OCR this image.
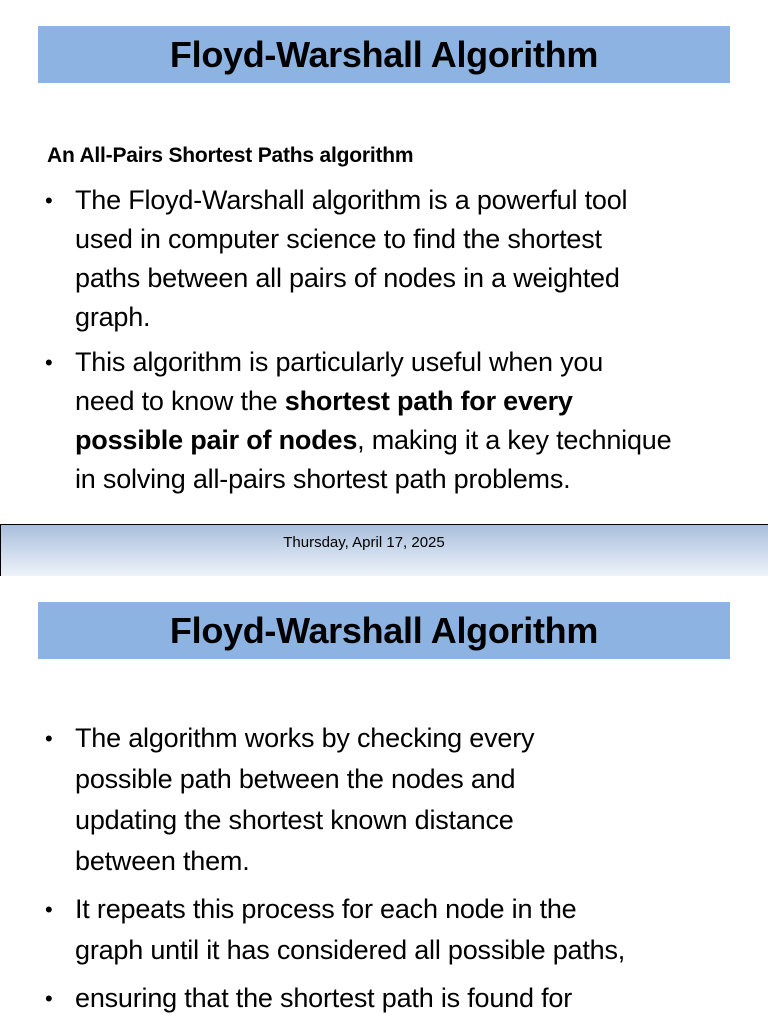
Floyd-Warshall Algorithm
An All-Pairs Shortest Paths algorithm
• The Floyd-Warshall algorithm is a powerful tool
used in computer science to find the shortest
paths between all pairs of nodes in a weighted
graph.
• This algorithm is particularly useful when you
need to know the shortest path for every
possible pair of nodes, making it a key technique
in solving all-pairs shortest path problems.
Thursday, April 17, 2025
Floyd-Warshall Algorithm
• The algorithm works by checking every
possible path between the nodes and
updating the shortest known distance
between them.
• It repeats this process for each node in the
graph until it has considered all possible paths,
• ensuring that the shortest path is found for
